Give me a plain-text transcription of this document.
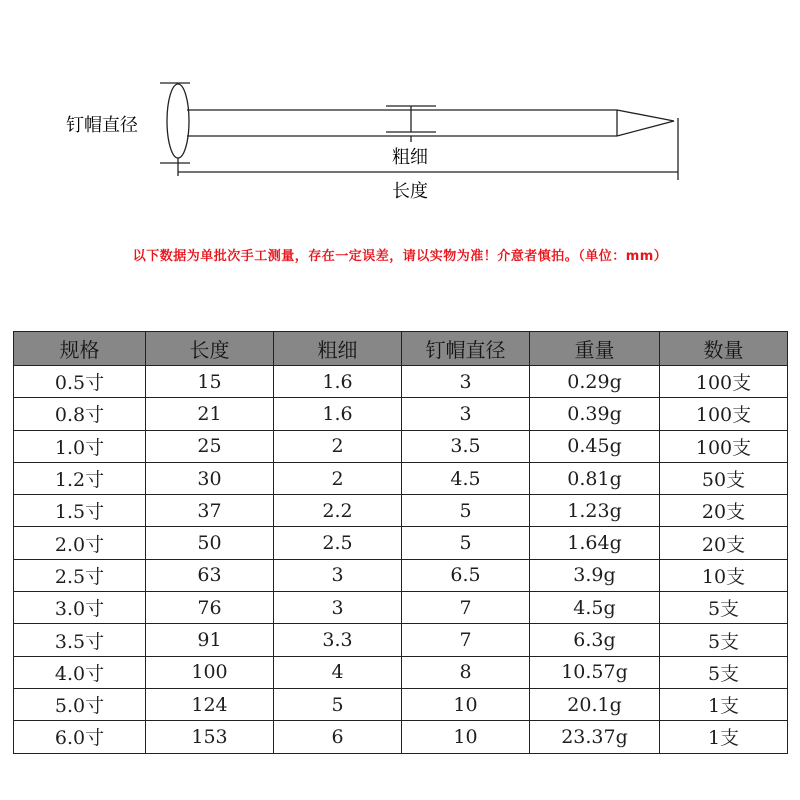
钉帽直径
粗细
长度
以下数据为单批次手工测量，存在一定误差，请以实物为准！介意者慎拍。（单位：mm）
规格	长度	粗细	钉帽直径	重量	数量
0.5寸	15	1.6	3	0.29g	100支
0.8寸	21	1.6	3	0.39g	100支
1.0寸	25	2	3.5	0.45g	100支
1.2寸	30	2	4.5	0.81g	50支
1.5寸	37	2.2	5	1.23g	20支
2.0寸	50	2.5	5	1.64g	20支
2.5寸	63	3	6.5	3.9g	10支
3.0寸	76	3	7	4.5g	5支
3.5寸	91	3.3	7	6.3g	5支
4.0寸	100	4	8	10.57g	5支
5.0寸	124	5	10	20.1g	1支
6.0寸	153	6	10	23.37g	1支
